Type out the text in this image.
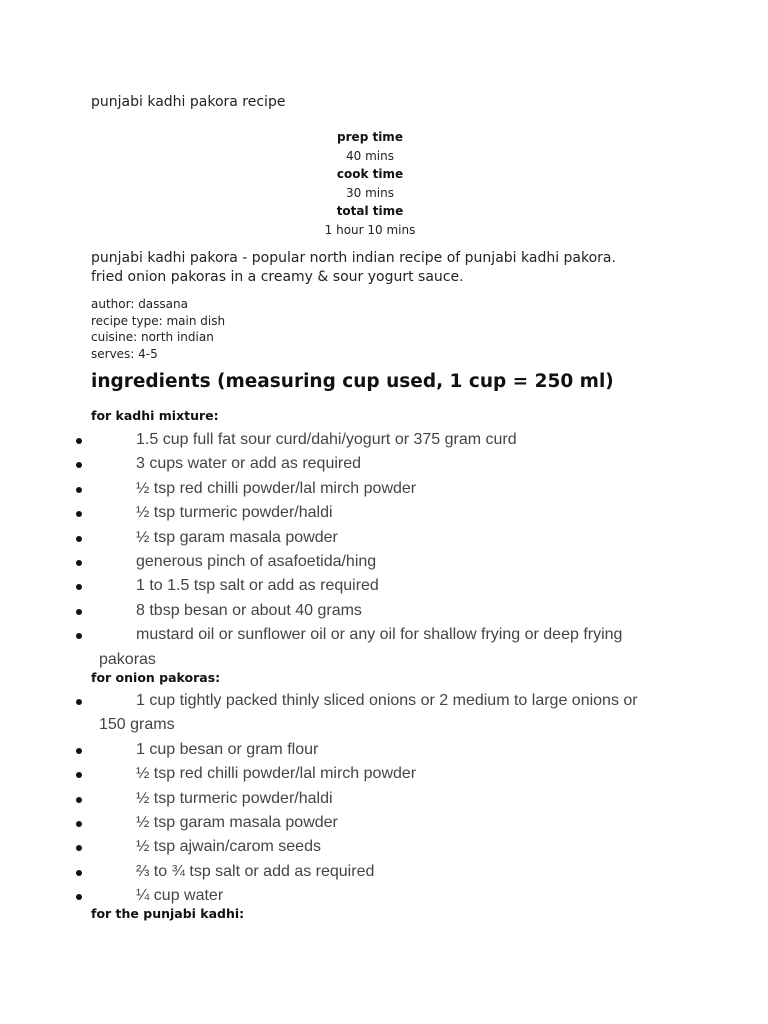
punjabi kadhi pakora recipe
prep time
40 mins
cook time
30 mins
total time
1 hour 10 mins
punjabi kadhi pakora - popular north indian recipe of punjabi kadhi pakora.
fried onion pakoras in a creamy & sour yogurt sauce.
author: dassana
recipe type: main dish
cuisine: north indian
serves: 4-5
ingredients (measuring cup used, 1 cup = 250 ml)
for kadhi mixture:
1.5 cup full fat sour curd/dahi/yogurt or 375 gram curd
3 cups water or add as required
½ tsp red chilli powder/lal mirch powder
½ tsp turmeric powder/haldi
½ tsp garam masala powder
generous pinch of asafoetida/hing
1 to 1.5 tsp salt or add as required
8 tbsp besan or about 40 grams
mustard oil or sunflower oil or any oil for shallow frying or deep frying
pakoras
for onion pakoras:
1 cup tightly packed thinly sliced onions or 2 medium to large onions or
150 grams
1 cup besan or gram flour
½ tsp red chilli powder/lal mirch powder
½ tsp turmeric powder/haldi
½ tsp garam masala powder
½ tsp ajwain/carom seeds
⅔ to ¾ tsp salt or add as required
¼ cup water
for the punjabi kadhi:
